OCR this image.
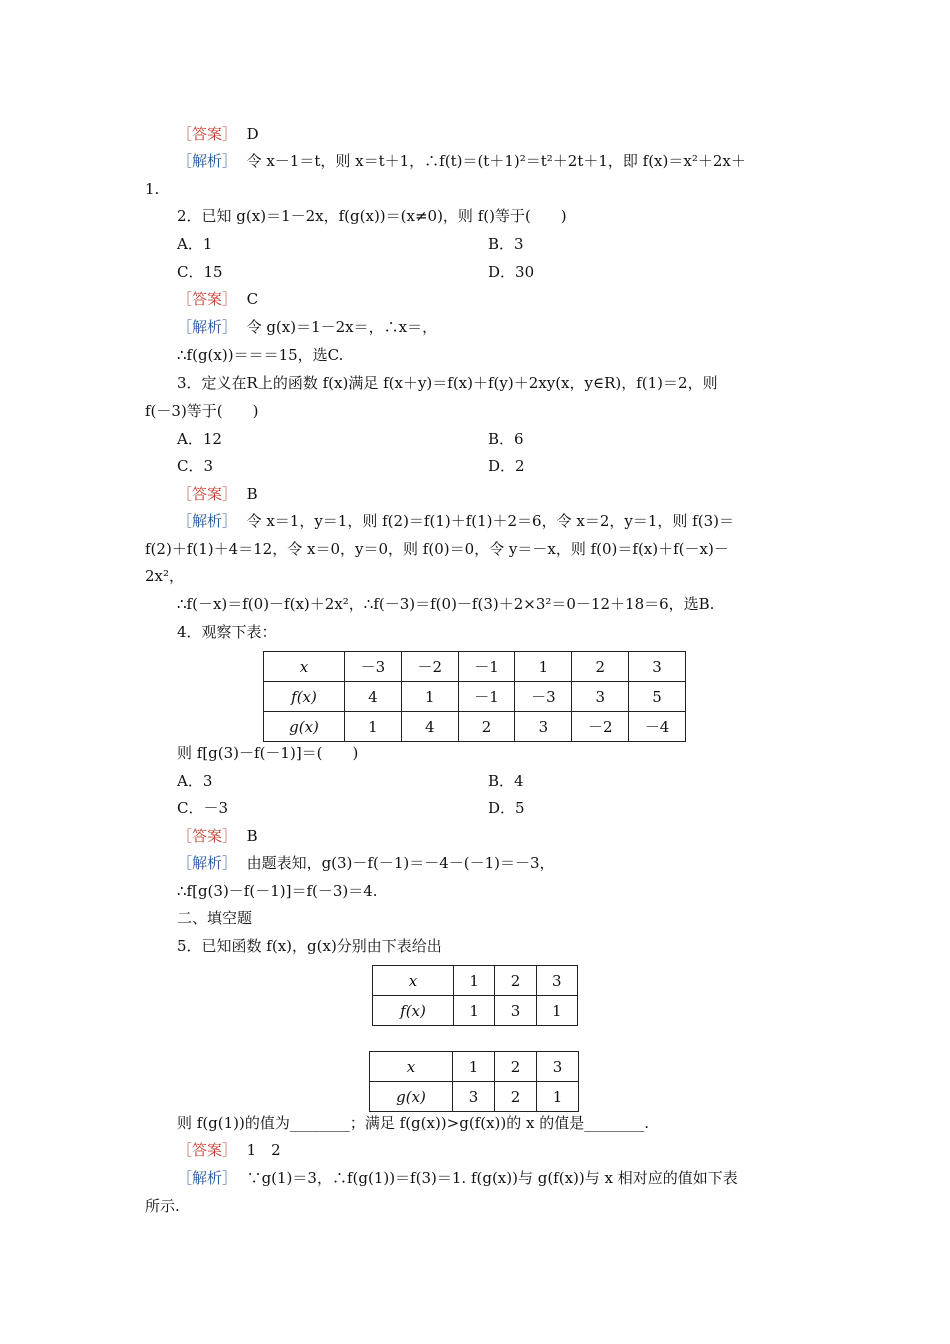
［答案］ D
［解析］ 令 x－1＝t，则 x＝t＋1，∴f(t)＝(t＋1)²＝t²＋2t＋1，即 f(x)＝x²＋2x＋
1.
2．已知 g(x)＝1－2x，f(g(x))＝(x≠0)，则 f()等于(　　)
A．1	B．3
C．15	D．30
［答案］ C
［解析］ 令 g(x)＝1－2x＝，∴x＝，
∴f(g(x))＝＝＝15，选C.
3．定义在R上的函数 f(x)满足 f(x＋y)＝f(x)＋f(y)＋2xy(x，y∈R)，f(1)＝2，则
f(－3)等于(　　)
A．12	B．6
C．3	D．2
［答案］ B
［解析］ 令 x＝1，y＝1，则 f(2)＝f(1)＋f(1)＋2＝6，令 x＝2，y＝1，则 f(3)＝
f(2)＋f(1)＋4＝12，令 x＝0，y＝0，则 f(0)＝0，令 y＝－x，则 f(0)＝f(x)＋f(－x)－
2x²，
∴f(－x)＝f(0)－f(x)＋2x²，∴f(－3)＝f(0)－f(3)＋2×3²＝0－12＋18＝6，选B.
4．观察下表：
x	－3	－2	－1	1	2	3
f(x)	4	1	－1	－3	3	5
g(x)	1	4	2	3	－2	－4
则 f[g(3)－f(－1)]＝(　　)
A．3	B．4
C．－3	D．5
［答案］ B
［解析］ 由题表知，g(3)－f(－1)＝－4－(－1)＝－3，
∴f[g(3)－f(－1)]＝f(－3)＝4.
二、填空题
5．已知函数 f(x)，g(x)分别由下表给出
x	1	2	3
f(x)	1	3	1
x	1	2	3
g(x)	3	2	1
则 f(g(1))的值为________；满足 f(g(x))>g(f(x))的 x 的值是________.
［答案］ 1　2
［解析］ ∵g(1)＝3，∴f(g(1))＝f(3)＝1. f(g(x))与 g(f(x))与 x 相对应的值如下表
所示.
